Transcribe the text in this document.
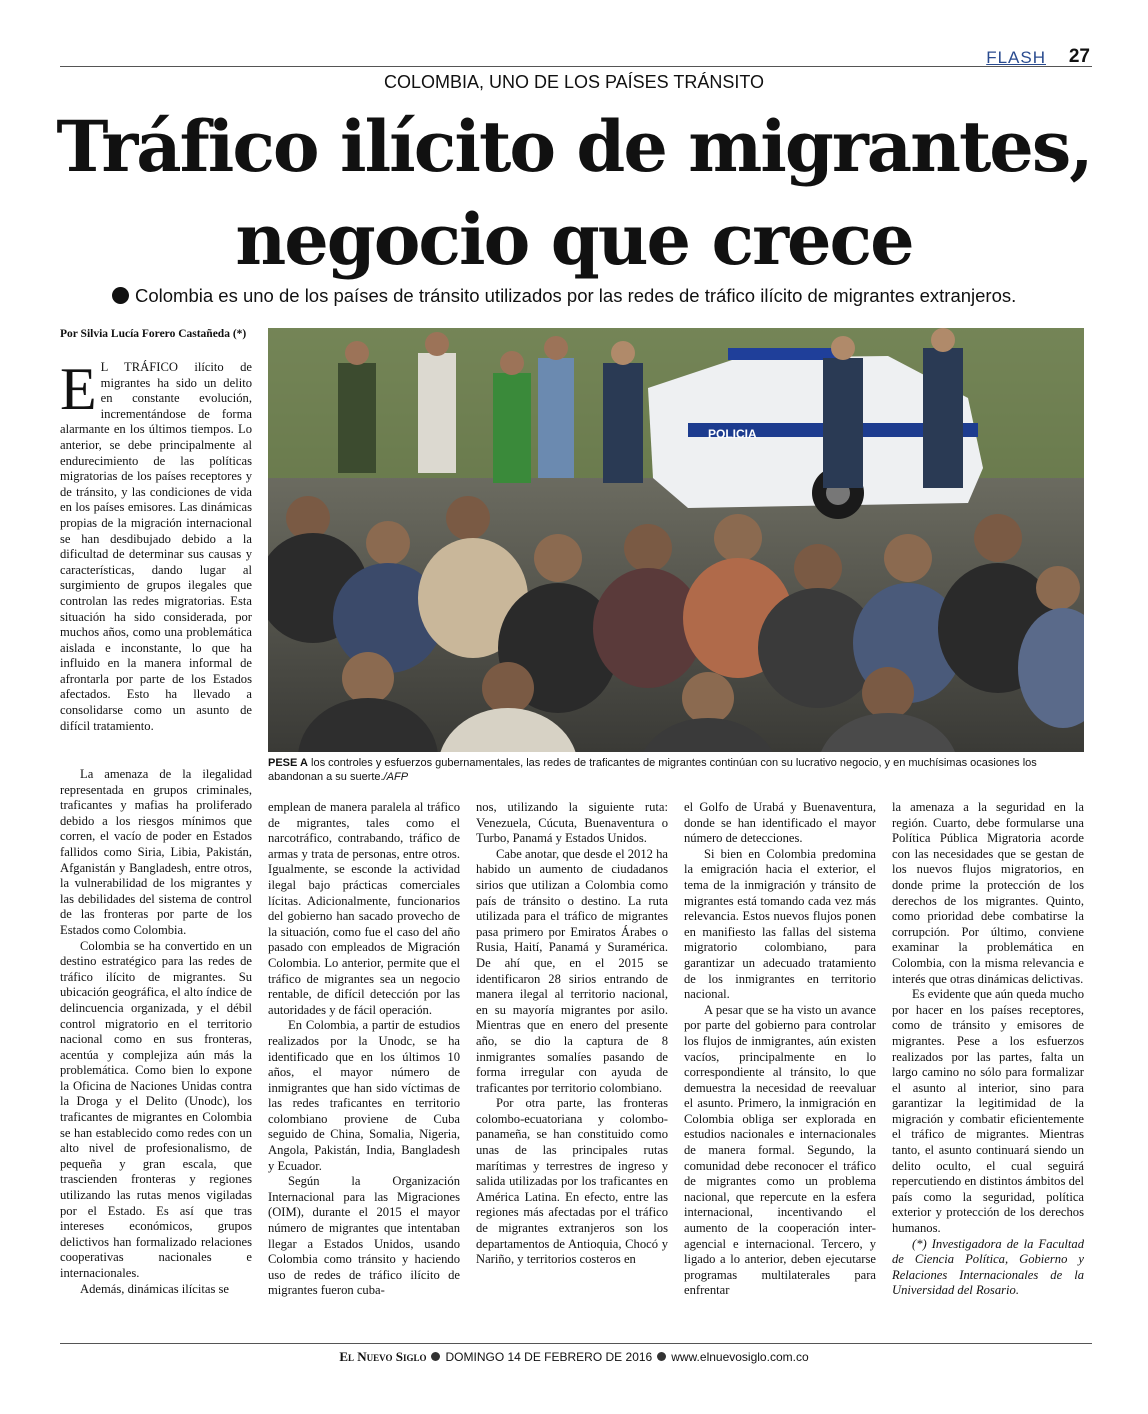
FLASH 27
COLOMBIA, UNO DE LOS PAÍSES TRÁNSITO
Tráfico ilícito de migrantes,
negocio que crece
Colombia es uno de los países de tránsito utilizados por las redes de tráfico ilícito de migrantes extranjeros.
Por Silvia Lucía Forero Castañeda (*)
E L TRÁFICO ilícito de migrantes ha sido un delito en constante evolución, incrementándose de forma alarmante en los últimos tiempos. Lo anterior, se debe principalmente al endurecimiento de las políticas migratorias de los países receptores y de tránsito, y las condiciones de vida en los países emisores. Las dinámicas propias de la migración internacional se han desdibujado debido a la dificultad de determinar sus causas y características, dando lugar al surgimiento de grupos ilegales que controlan las redes migratorias. Esta situación ha sido considerada, por muchos años, como una problemática aislada e inconstante, lo que ha influido en la manera informal de afrontarla por parte de los Estados afectados. Esto ha llevado a consolidarse como un asunto de difícil tratamiento.

POLICIA
PESE A los controles y esfuerzos gubernamentales, las redes de traficantes de migrantes continúan con su lucrativo negocio, y en muchísimas ocasiones los abandonan a su suerte./AFP

La amenaza de la ilegalidad representada en grupos criminales, traficantes y mafias ha proliferado debido a los riesgos mínimos que corren, el vacío de poder en Estados fallidos como Siria, Libia, Pakistán, Afganistán y Bangladesh, entre otros, la vulnerabilidad de los migrantes y las debilidades del sistema de control de las fronteras por parte de los Estados como Colombia.

Colombia se ha convertido en un destino estratégico para las redes de tráfico ilícito de migrantes. Su ubicación geográfica, el alto índice de delincuencia organizada, y el débil control migratorio en el territorio nacional como en sus fronteras, acentúa y complejiza aún más la problemática. Como bien lo expone la Oficina de Naciones Unidas contra la Droga y el Delito (Unodc), los traficantes de migrantes en Colombia se han establecido como redes con un alto nivel de profesionalismo, de pequeña y gran escala, que trascienden fronteras y regiones utilizando las rutas menos vigiladas por el Estado. Es así que tras intereses económicos, grupos delictivos han formalizado relaciones cooperativas nacionales e internacionales.

Además, dinámicas ilícitas se

emplean de manera paralela al tráfico de migrantes, tales como el narcotráfico, contrabando, tráfico de armas y trata de personas, entre otros. Igualmente, se esconde la actividad ilegal bajo prácticas comerciales lícitas. Adicionalmente, funcionarios del gobierno han sacado provecho de la situación, como fue el caso del año pasado con empleados de Migración Colombia. Lo anterior, permite que el tráfico de migrantes sea un negocio rentable, de difícil detección por las autoridades y de fácil operación.

En Colombia, a partir de estudios realizados por la Unodc, se ha identificado que en los últimos 10 años, el mayor número de inmigrantes que han sido víctimas de las redes traficantes en territorio colombiano proviene de Cuba seguido de China, Somalia, Nigeria, Angola, Pakistán, India, Bangladesh y Ecuador.

Según la Organización Internacional para las Migraciones (OIM), durante el 2015 el mayor número de migrantes que intentaban llegar a Estados Unidos, usando Colombia como tránsito y haciendo uso de redes de tráfico ilícito de migrantes fueron cuba-

nos, utilizando la siguiente ruta: Venezuela, Cúcuta, Buenaventura o Turbo, Panamá y Estados Unidos.

Cabe anotar, que desde el 2012 ha habido un aumento de ciudadanos sirios que utilizan a Colombia como país de tránsito o destino. La ruta utilizada para el tráfico de migrantes pasa primero por Emiratos Árabes o Rusia, Haití, Panamá y Suramérica. De ahí que, en el 2015 se identificaron 28 sirios entrando de manera ilegal al territorio nacional, en su mayoría migrantes por asilo. Mientras que en enero del presente año, se dio la captura de 8 inmigrantes somalíes pasando de forma irregular con ayuda de traficantes por territorio colombiano.

Por otra parte, las fronteras colombo-ecuatoriana y colombo-panameña, se han constituido como unas de las principales rutas marítimas y terrestres de ingreso y salida utilizadas por los traficantes en América Latina. En efecto, entre las regiones más afectadas por el tráfico de migrantes extranjeros son los departamentos de Antioquia, Chocó y Nariño, y territorios costeros en

el Golfo de Urabá y Buenaventura, donde se han identificado el mayor número de detecciones.

Si bien en Colombia predomina la emigración hacia el exterior, el tema de la inmigración y tránsito de migrantes está tomando cada vez más relevancia. Estos nuevos flujos ponen en manifiesto las fallas del sistema migratorio colombiano, para garantizar un adecuado tratamiento de los inmigrantes en territorio nacional.

A pesar que se ha visto un avance por parte del gobierno para controlar los flujos de inmigrantes, aún existen vacíos, principalmente en lo correspondiente al tránsito, lo que demuestra la necesidad de reevaluar el asunto. Primero, la inmigración en Colombia obliga ser explorada en estudios nacionales e internacionales de manera formal. Segundo, la comunidad debe reconocer el tráfico de migrantes como un problema nacional, que repercute en la esfera internacional, incentivando el aumento de la cooperación inter-agencial e internacional. Tercero, y ligado a lo anterior, deben ejecutarse programas multilaterales para enfrentar

la amenaza a la seguridad en la región. Cuarto, debe formularse una Política Pública Migratoria acorde con las necesidades que se gestan de los nuevos flujos migratorios, en donde prime la protección de los derechos de los migrantes. Quinto, como prioridad debe combatirse la corrupción. Por último, conviene examinar la problemática en Colombia, con la misma relevancia e interés que otras dinámicas delictivas.

Es evidente que aún queda mucho por hacer en los países receptores, como de tránsito y emisores de migrantes. Pese a los esfuerzos realizados por las partes, falta un largo camino no sólo para formalizar el asunto al interior, sino para garantizar la legitimidad de la migración y combatir eficientemente el tráfico de migrantes. Mientras tanto, el asunto continuará siendo un delito oculto, el cual seguirá repercutiendo en distintos ámbitos del país como la seguridad, política exterior y protección de los derechos humanos.

(*) Investigadora de la Facultad de Ciencia Política, Gobierno y Relaciones Internacionales de la Universidad del Rosario.

El Nuevo Siglo DOMINGO 14 DE FEBRERO DE 2016 www.elnuevosiglo.com.co
